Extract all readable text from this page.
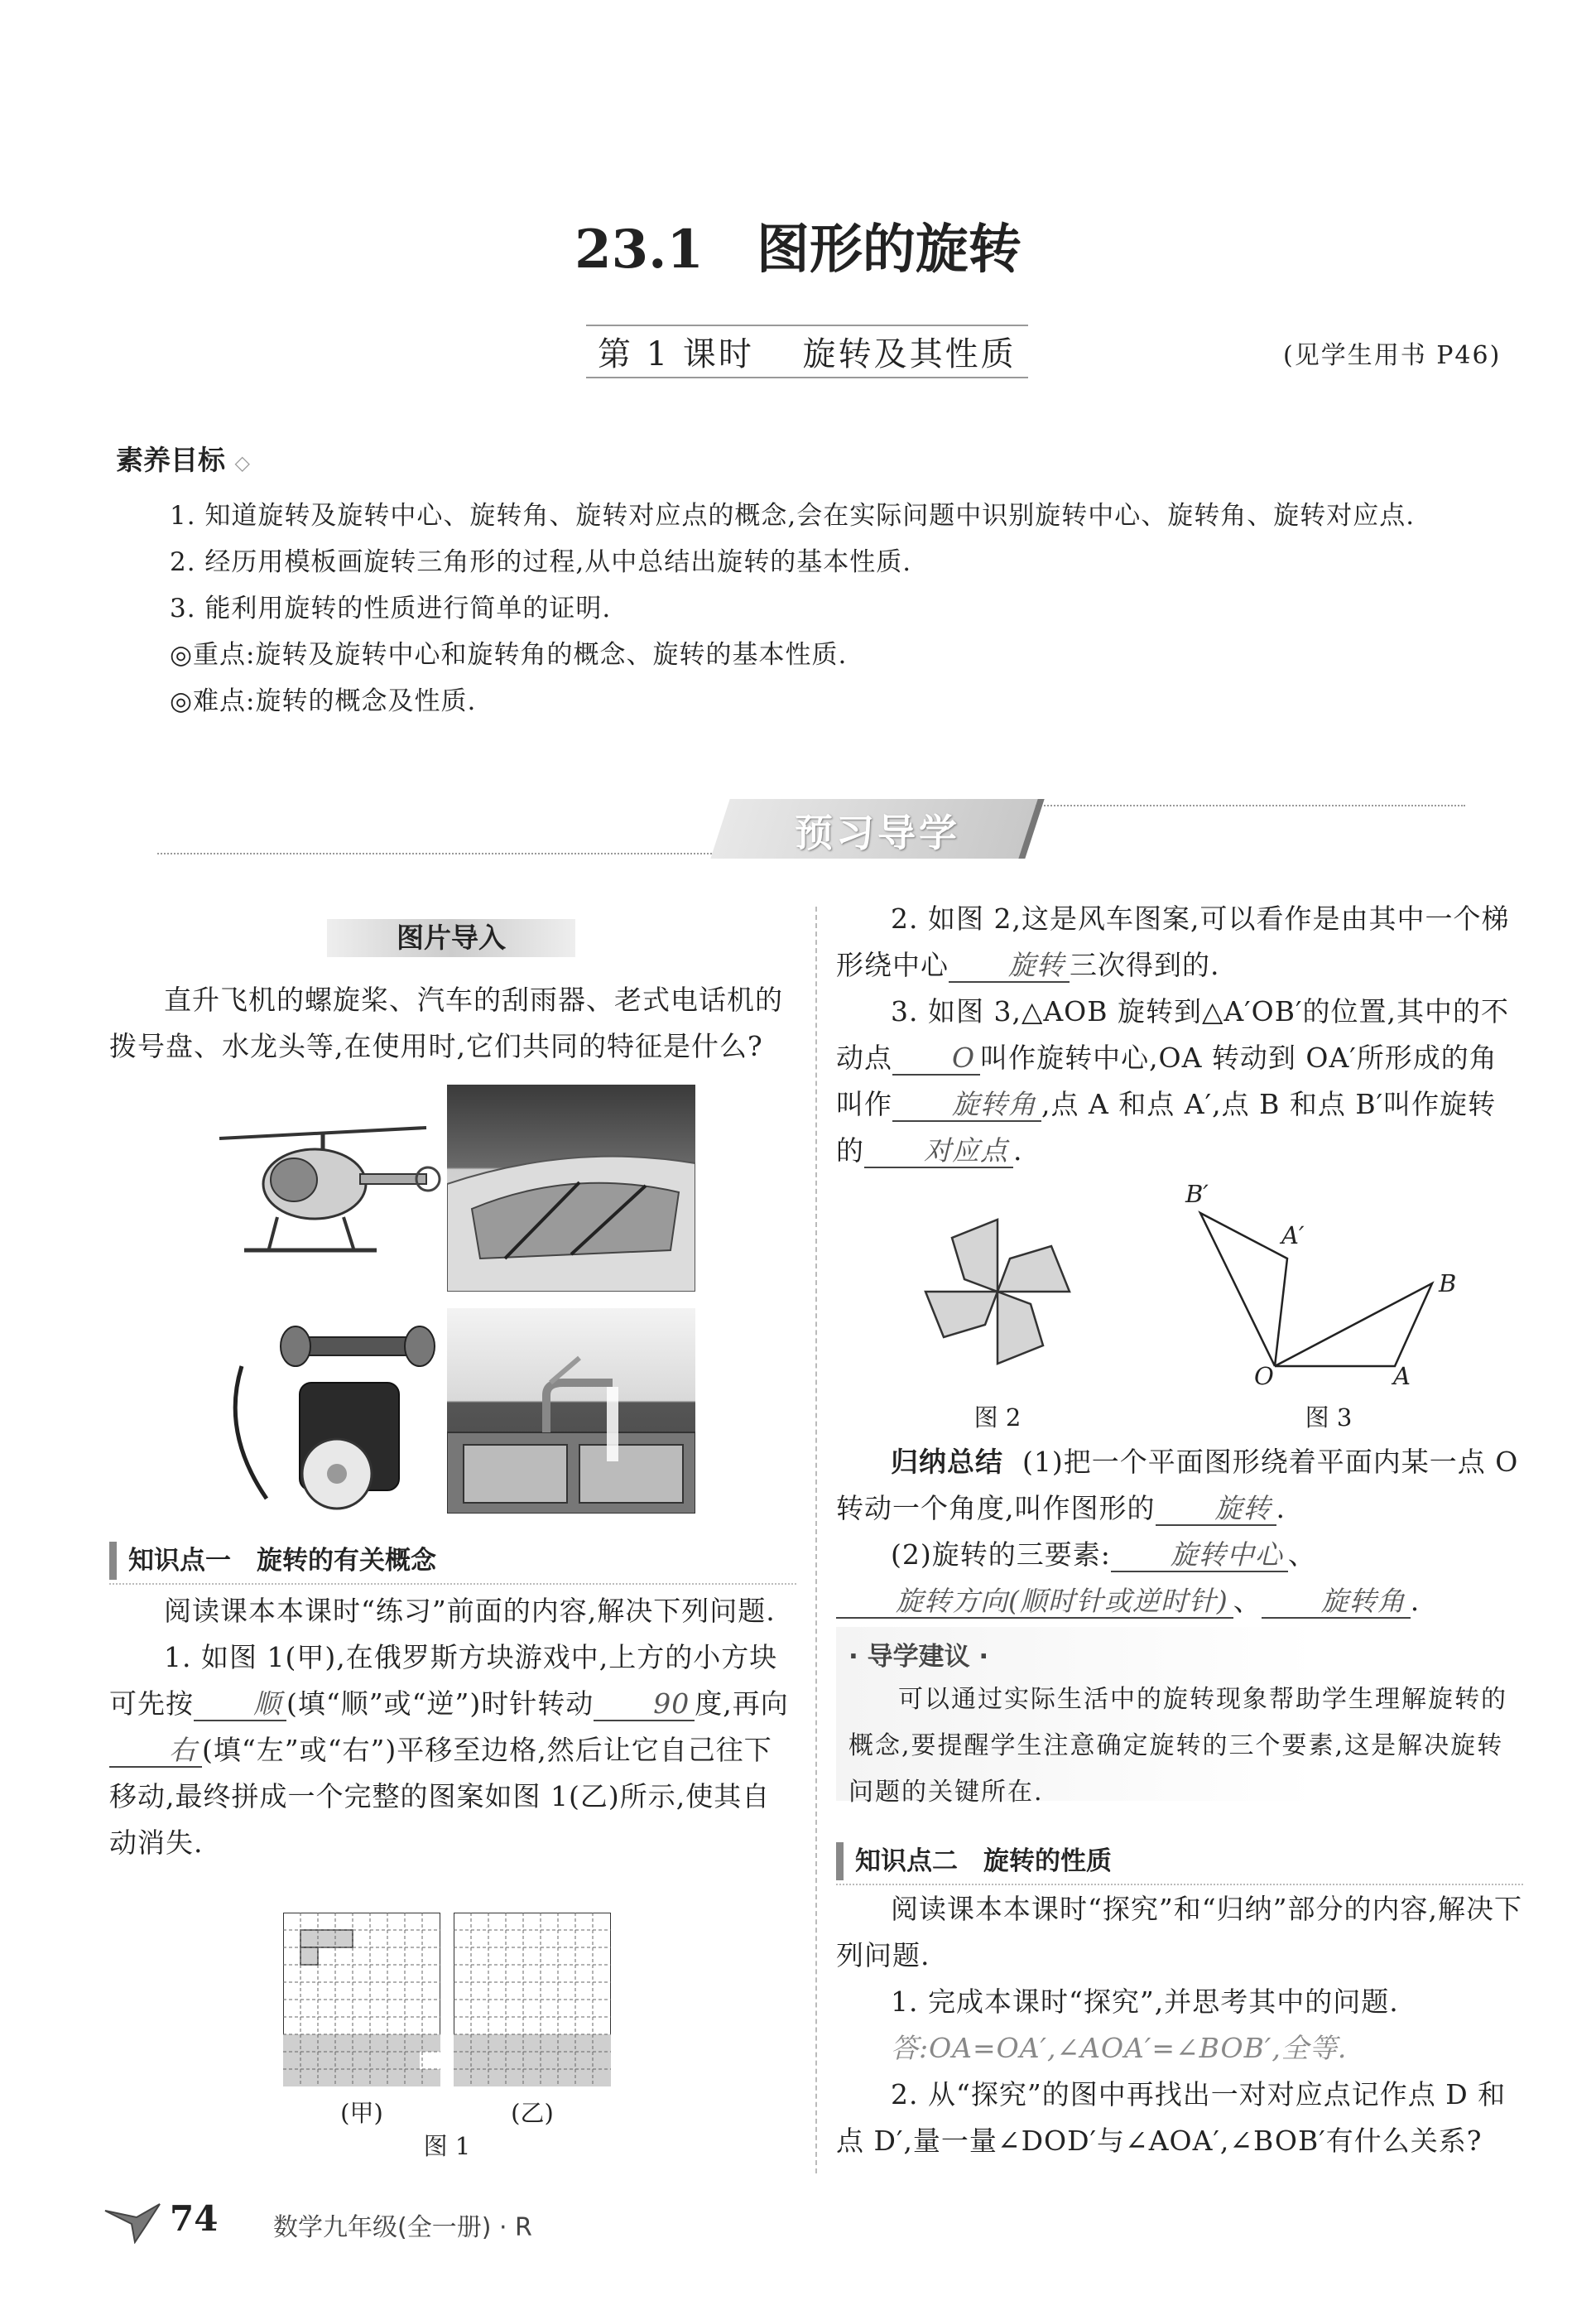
23.1　图形的旋转
第 1 课时　 旋转及其性质	(见学生用书 P46)
素养目标 ◇
1. 知道旋转及旋转中心、旋转角、旋转对应点的概念,会在实际问题中识别旋转中心、旋转角、旋转对应点.
2. 经历用模板画旋转三角形的过程,从中总结出旋转的基本性质.
3. 能利用旋转的性质进行简单的证明.
◎重点:旋转及旋转中心和旋转角的概念、旋转的基本性质.
◎难点:旋转的概念及性质.
预习导学
图片导入

直升飞机的螺旋桨、汽车的刮雨器、老式电话机的拨号盘、水龙头等,在使用时,它们共同的特征是什么?

知识点一　旋转的有关概念

阅读课本本课时“练习”前面的内容,解决下列问题.

1. 如图 1(甲),在俄罗斯方块游戏中,上方的小方块可先按 顺 (填“顺”或“逆”)时针转动 90 度,再向右 (填“左”或“右”)平移至边格,然后让它自己往下移动,最终拼成一个完整的图案如图 1(乙)所示,使其自动消失.

(甲)	(乙)
图 1

2. 如图 2,这是风车图案,可以看作是由其中一个梯形绕中心 旋转 三次得到的.

3. 如图 3,△AOB 旋转到△A′OB′的位置,其中的不动点 O 叫作旋转中心,OA 转动到 OA′所形成的角叫作 旋转角 ,点 A 和点 A′,点 B 和点 B′叫作旋转的 对应点 .

图 2
B′
A′
B
O	A
图 3

归纳总结 (1)把一个平面图形绕着平面内某一点 O 转动一个角度,叫作图形的 旋转 .

(2)旋转的三要素: 旋转中心 、旋转方向(顺时针或逆时针) 、 旋转角 .

· 导学建议 ·
可以通过实际生活中的旋转现象帮助学生理解旋转的概念,要提醒学生注意确定旋转的三个要素,这是解决旋转问题的关键所在.
知识点二　旋转的性质

阅读课本本课时“探究”和“归纳”部分的内容,解决下列问题.

1. 完成本课时“探究”,并思考其中的问题.

答:OA=OA′,∠AOA′=∠BOB′,全等.

2. 从“探究”的图中再找出一对对应点记作点 D 和点 D′,量一量∠DOD′与∠AOA′,∠BOB′有什么关系?

74 数学九年级(全一册) · R
